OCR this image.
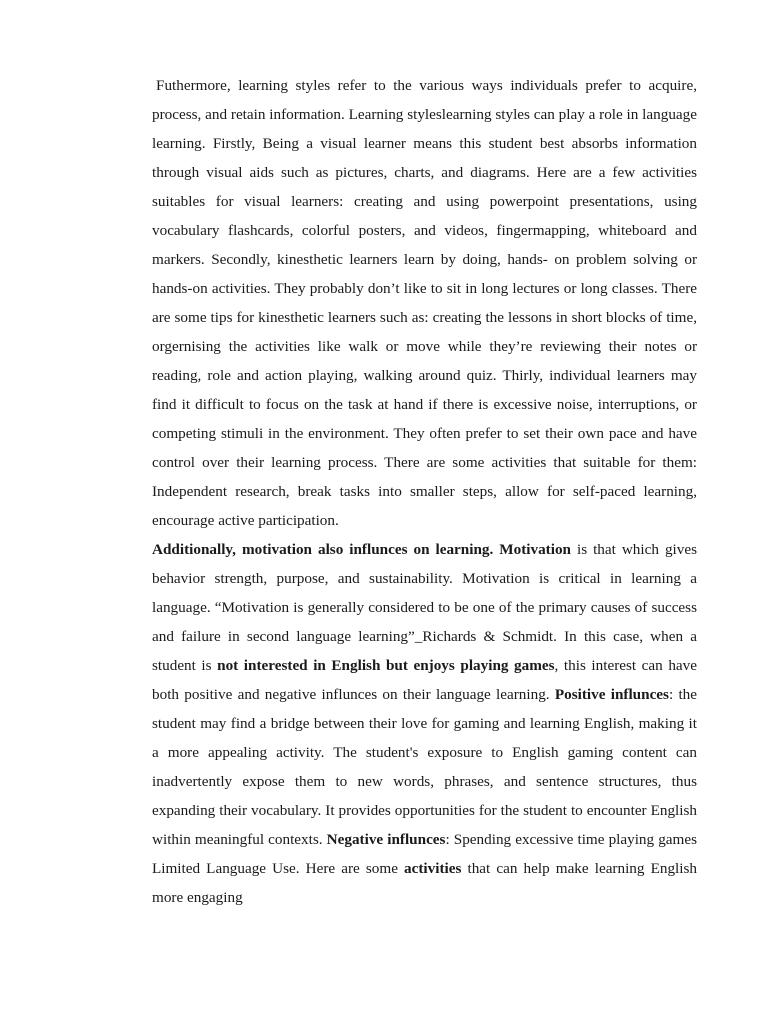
Futhermore, learning styles refer to the various ways individuals prefer to acquire, process, and retain information. Learning styleslearning styles can play a role in language learning. Firstly, Being a visual learner means this student best absorbs information through visual aids such as pictures, charts, and diagrams. Here are a few activities suitables for visual learners: creating and using powerpoint presentations, using vocabulary flashcards, colorful posters, and videos, fingermapping, whiteboard and markers. Secondly, kinesthetic learners learn by doing, hands- on problem solving or hands-on activities. They probably don’t like to sit in long lectures or long classes. There are some tips for kinesthetic learners such as: creating the lessons in short blocks of time, orgernising the activities like walk or move while they’re reviewing their notes or reading, role and action playing, walking around quiz. Thirly, individual learners may find it difficult to focus on the task at hand if there is excessive noise, interruptions, or competing stimuli in the environment. They often prefer to set their own pace and have control over their learning process. There are some activities that suitable for them: Independent research, break tasks into smaller steps, allow for self-paced learning, encourage active participation.

Additionally, motivation also influnces on learning. Motivation is that which gives behavior strength, purpose, and sustainability. Motivation is critical in learning a language. “Motivation is generally considered to be one of the primary causes of success and failure in second language learning”_Richards & Schmidt. In this case, when a student is not interested in English but enjoys playing games, this interest can have both positive and negative influnces on their language learning. Positive influnces: the student may find a bridge between their love for gaming and learning English, making it a more appealing activity. The student's exposure to English gaming content can inadvertently expose them to new words, phrases, and sentence structures, thus expanding their vocabulary. It provides opportunities for the student to encounter English within meaningful contexts. Negative influnces: Spending excessive time playing games Limited Language Use. Here are some activities that can help make learning English more engaging
